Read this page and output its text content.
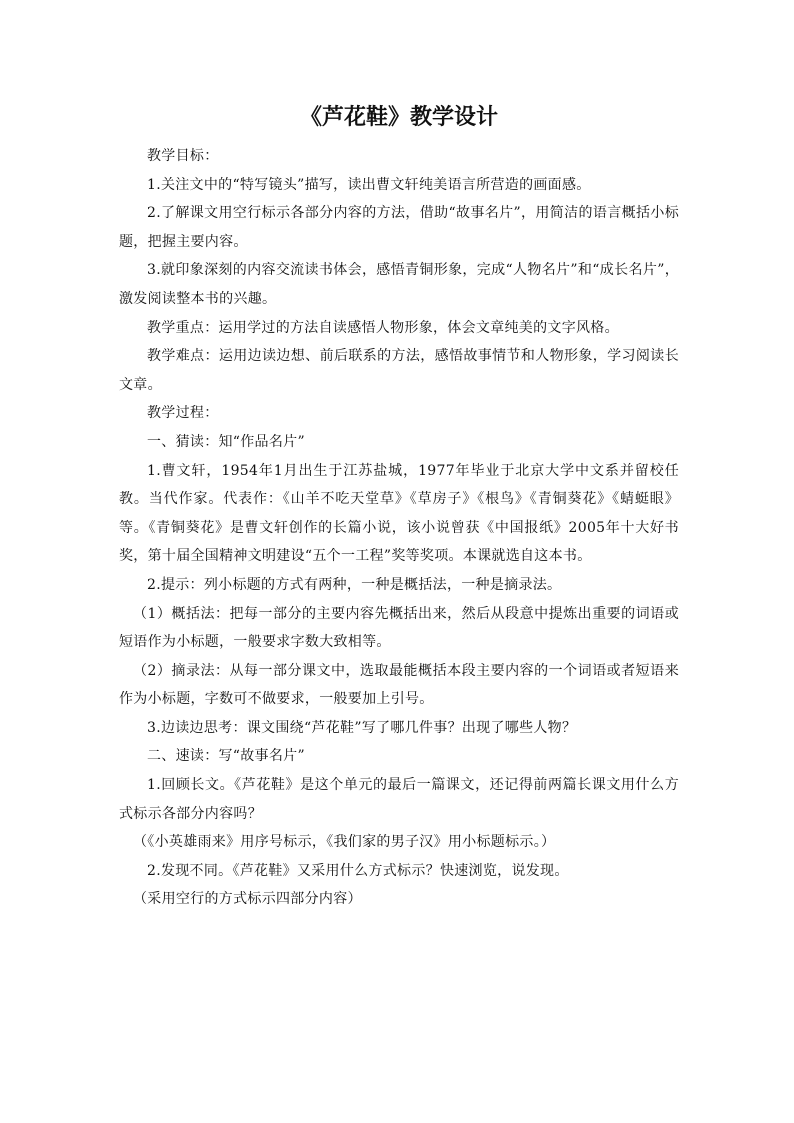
《芦花鞋》教学设计

教学目标：

1.关注文中的“特写镜头”描写，读出曹文轩纯美语言所营造的画面感。

2.了解课文用空行标示各部分内容的方法，借助“故事名片”，用简洁的语言概括小标题，把握主要内容。

3.就印象深刻的内容交流读书体会，感悟青铜形象，完成“人物名片”和“成长名片”，激发阅读整本书的兴趣。

教学重点：运用学过的方法自读感悟人物形象，体会文章纯美的文字风格。

教学难点：运用边读边想、前后联系的方法，感悟故事情节和人物形象，学习阅读长文章。

教学过程：

一、猜读：知“作品名片”

1.曹文轩，1954年1月出生于江苏盐城，1977年毕业于北京大学中文系并留校任教。当代作家。代表作：《山羊不吃天堂草》《草房子》《根鸟》《青铜葵花》《蜻蜓眼》等。《青铜葵花》是曹文轩创作的长篇小说，该小说曾获《中国报纸》2005年十大好书奖，第十届全国精神文明建设“五个一工程”奖等奖项。本课就选自这本书。

2.提示：列小标题的方式有两种，一种是概括法，一种是摘录法。

（1）概括法：把每一部分的主要内容先概括出来，然后从段意中提炼出重要的词语或短语作为小标题，一般要求字数大致相等。

（2）摘录法：从每一部分课文中，选取最能概括本段主要内容的一个词语或者短语来作为小标题，字数可不做要求，一般要加上引号。

3.边读边思考：课文围绕“芦花鞋”写了哪几件事？出现了哪些人物？

二、速读：写“故事名片”

1.回顾长文。《芦花鞋》是这个单元的最后一篇课文，还记得前两篇长课文用什么方式标示各部分内容吗？

（《小英雄雨来》用序号标示，《我们家的男子汉》用小标题标示。）

2.发现不同。《芦花鞋》又采用什么方式标示？快速浏览，说发现。

（采用空行的方式标示四部分内容）
